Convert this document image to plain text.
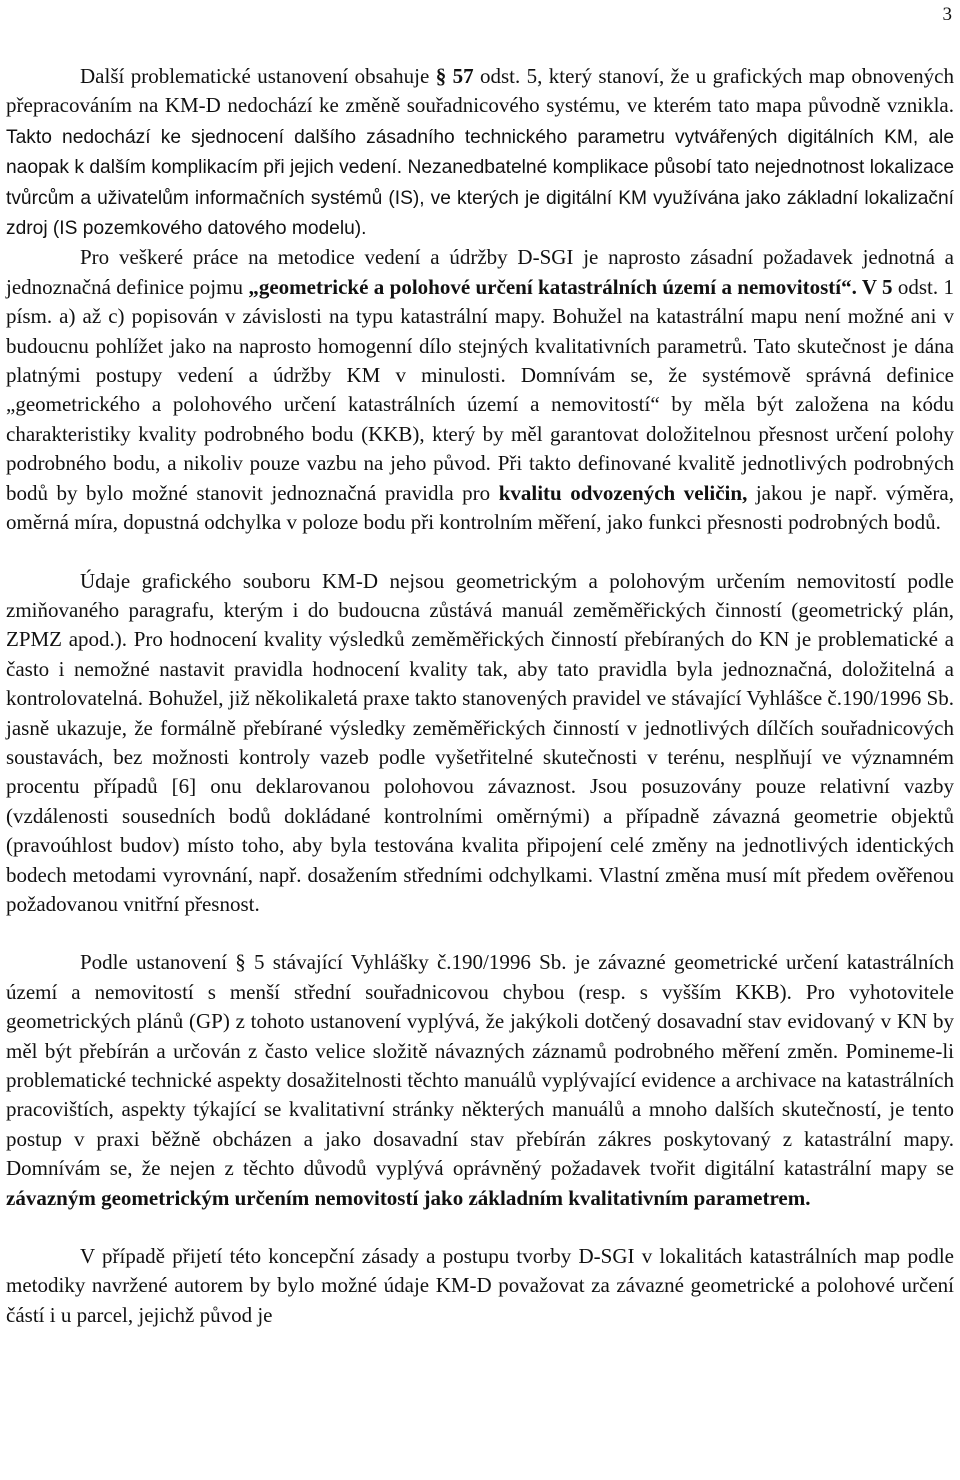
3

Další problematické ustanovení obsahuje § 57 odst. 5, který stanoví, že u grafických map obnovených přepracováním na KM-D nedochází ke změně souřadnicového systému, ve kterém tato mapa původně vznikla. Takto nedochází ke sjednocení dalšího zásadního technického parametru vytvářených digitálních KM, ale naopak k dalším komplikacím při jejich vedení. Nezanedbatelné komplikace působí tato nejednotnost lokalizace tvůrcům a uživatelům informačních systémů (IS), ve kterých je digitální KM využívána jako základní lokalizační zdroj (IS pozemkového datového modelu).

Pro veškeré práce na metodice vedení a údržby D-SGI je naprosto zásadní požadavek jednotná a jednoznačná definice pojmu „geometrické a polohové určení katastrálních území a nemovitostí“. V 5 odst. 1 písm. a) až c) popisován v závislosti na typu katastrální mapy. Bohužel na katastrální mapu není možné ani v budoucnu pohlížet jako na naprosto homogenní dílo stejných kvalitativních parametrů. Tato skutečnost je dána platnými postupy vedení a údržby KM v minulosti. Domnívám se, že systémově správná definice „geometrického a polohového určení katastrálních území a nemovitostí“ by měla být založena na kódu charakteristiky kvality podrobného bodu (KKB), který by měl garantovat doložitelnou přesnost určení polohy podrobného bodu, a nikoliv pouze vazbu na jeho původ. Při takto definované kvalitě jednotlivých podrobných bodů by bylo možné stanovit jednoznačná pravidla pro kvalitu odvozených veličin, jakou je např. výměra, oměrná míra, dopustná odchylka v poloze bodu při kontrolním měření, jako funkci přesnosti podrobných bodů.

Údaje grafického souboru KM-D nejsou geometrickým a polohovým určením nemovitostí podle zmiňovaného paragrafu, kterým i do budoucna zůstává manuál zeměměřických činností (geometrický plán, ZPMZ apod.). Pro hodnocení kvality výsledků zeměměřických činností přebíraných do KN je problematické a často i nemožné nastavit pravidla hodnocení kvality tak, aby tato pravidla byla jednoznačná, doložitelná a kontrolovatelná. Bohužel, již několikaletá praxe takto stanovených pravidel ve stávající Vyhlášce č.190/1996 Sb. jasně ukazuje, že formálně přebírané výsledky zeměměřických činností v jednotlivých dílčích souřadnicových soustavách, bez možnosti kontroly vazeb podle vyšetřitelné skutečnosti v terénu, nesplňují ve významném procentu případů [6] onu deklarovanou polohovou závaznost. Jsou posuzovány pouze relativní vazby (vzdálenosti sousedních bodů dokládané kontrolními oměrnými) a případně závazná geometrie objektů (pravoúhlost budov) místo toho, aby byla testována kvalita připojení celé změny na jednotlivých identických bodech metodami vyrovnání, např. dosažením středními odchylkami. Vlastní změna musí mít předem ověřenou požadovanou vnitřní přesnost.

Podle ustanovení § 5 stávající Vyhlášky č.190/1996 Sb. je závazné geometrické určení katastrálních území a nemovitostí s menší střední souřadnicovou chybou (resp. s vyšším KKB). Pro vyhotovitele geometrických plánů (GP) z tohoto ustanovení vyplývá, že jakýkoli dotčený dosavadní stav evidovaný v KN by měl být přebírán a určován z často velice složitě návazných záznamů podrobného měření změn. Pomineme-li problematické technické aspekty dosažitelnosti těchto manuálů vyplývající evidence a archivace na katastrálních pracovištích, aspekty týkající se kvalitativní stránky některých manuálů a mnoho dalších skutečností, je tento postup v praxi běžně obcházen a jako dosavadní stav přebírán zákres poskytovaný z katastrální mapy. Domnívám se, že nejen z těchto důvodů vyplývá oprávněný požadavek tvořit digitální katastrální mapy se závazným geometrickým určením nemovitostí jako základním kvalitativním parametrem.

V případě přijetí této koncepční zásady a postupu tvorby D-SGI v lokalitách katastrálních map podle metodiky navržené autorem by bylo možné údaje KM-D považovat za závazné geometrické a polohové určení částí i u parcel, jejichž původ je
